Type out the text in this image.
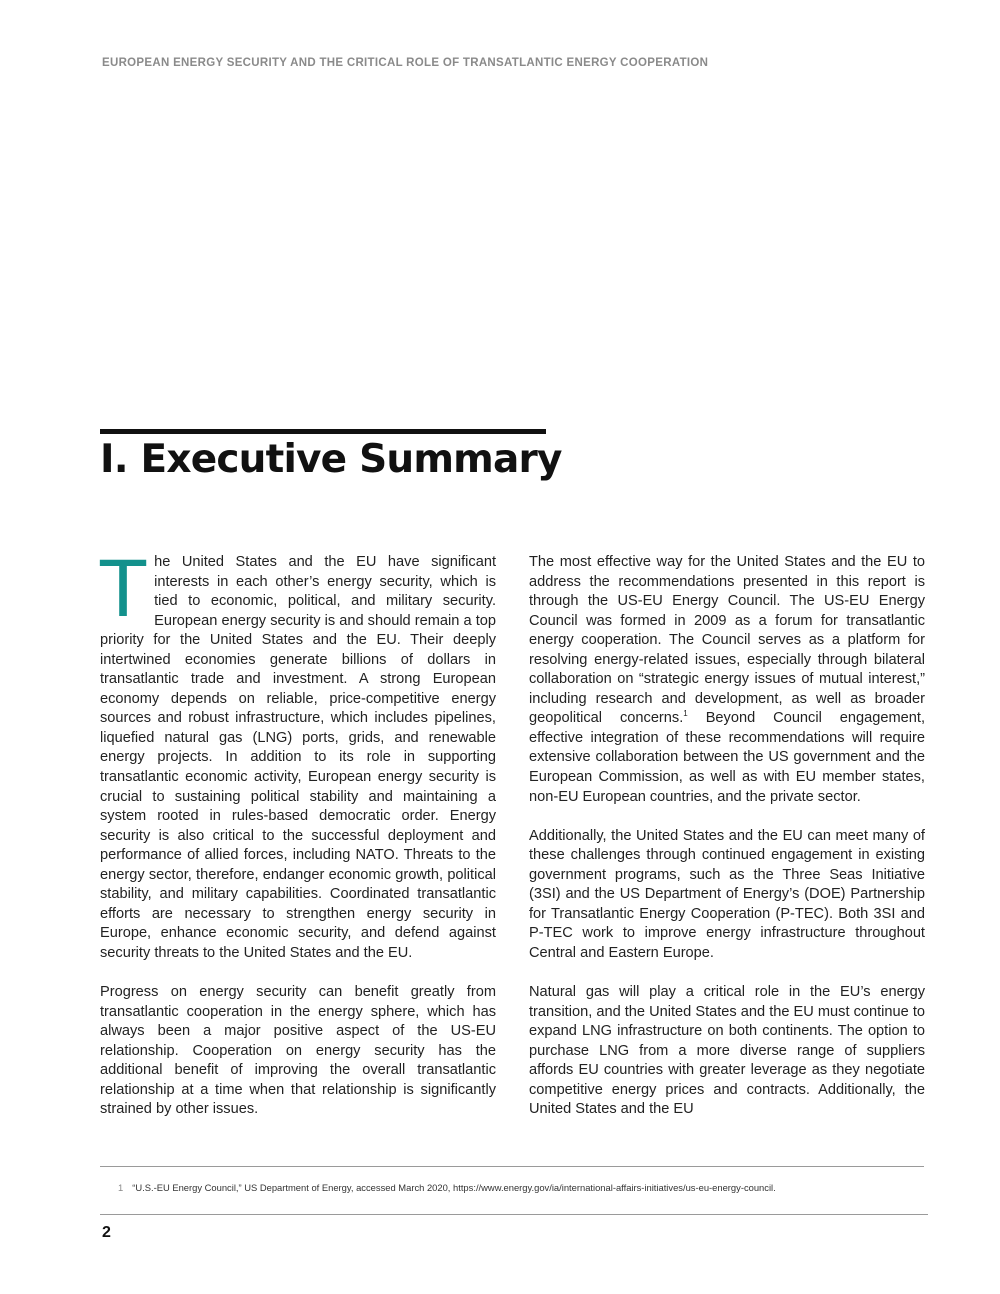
EUROPEAN ENERGY SECURITY AND THE CRITICAL ROLE OF TRANSATLANTIC ENERGY COOPERATION
I. Executive Summary

The United States and the EU have significant interests in each other’s energy security, which is tied to economic, political, and military security. European energy security is and should remain a top priority for the United States and the EU. Their deeply intertwined economies generate billions of dollars in transatlantic trade and investment. A strong European economy depends on reliable, price-competitive energy sources and robust infrastructure, which includes pipelines, liquefied natural gas (LNG) ports, grids, and renewable energy projects. In addition to its role in supporting transatlantic economic activity, European energy security is crucial to sustaining political stability and maintaining a system rooted in rules-based democratic order. Energy security is also critical to the successful deployment and performance of allied forces, including NATO. Threats to the energy sector, therefore, endanger economic growth, political stability, and military capabilities. Coordinated transatlantic efforts are necessary to strengthen energy security in Europe, enhance economic security, and defend against security threats to the United States and the EU.

Progress on energy security can benefit greatly from transatlantic cooperation in the energy sphere, which has always been a major positive aspect of the US-EU relationship. Cooperation on energy security has the additional benefit of improving the overall transatlantic relationship at a time when that relationship is significantly strained by other issues.

The most effective way for the United States and the EU to address the recommendations presented in this report is through the US-EU Energy Council. The US-EU Energy Council was formed in 2009 as a forum for transatlantic energy cooperation. The Council serves as a platform for resolving energy-related issues, especially through bilateral collaboration on “strategic energy issues of mutual interest,” including research and development, as well as broader geopolitical concerns.$^1$ Beyond Council engagement, effective integration of these recommendations will require extensive collaboration between the US government and the European Commission, as well as with EU member states, non-EU European countries, and the private sector.

Additionally, the United States and the EU can meet many of these challenges through continued engagement in existing government programs, such as the Three Seas Initiative (3SI) and the US Department of Energy’s (DOE) Partnership for Transatlantic Energy Cooperation (P-TEC). Both 3SI and P-TEC work to improve energy infrastructure throughout Central and Eastern Europe.

Natural gas will play a critical role in the EU’s energy transition, and the United States and the EU must continue to expand LNG infrastructure on both continents. The option to purchase LNG from a more diverse range of suppliers affords EU countries with greater leverage as they negotiate competitive energy prices and contracts. Additionally, the United States and the EU

1 “U.S.-EU Energy Council,” US Department of Energy, accessed March 2020, https://www.energy.gov/ia/international-affairs-initiatives/us-eu-energy-council.
2
